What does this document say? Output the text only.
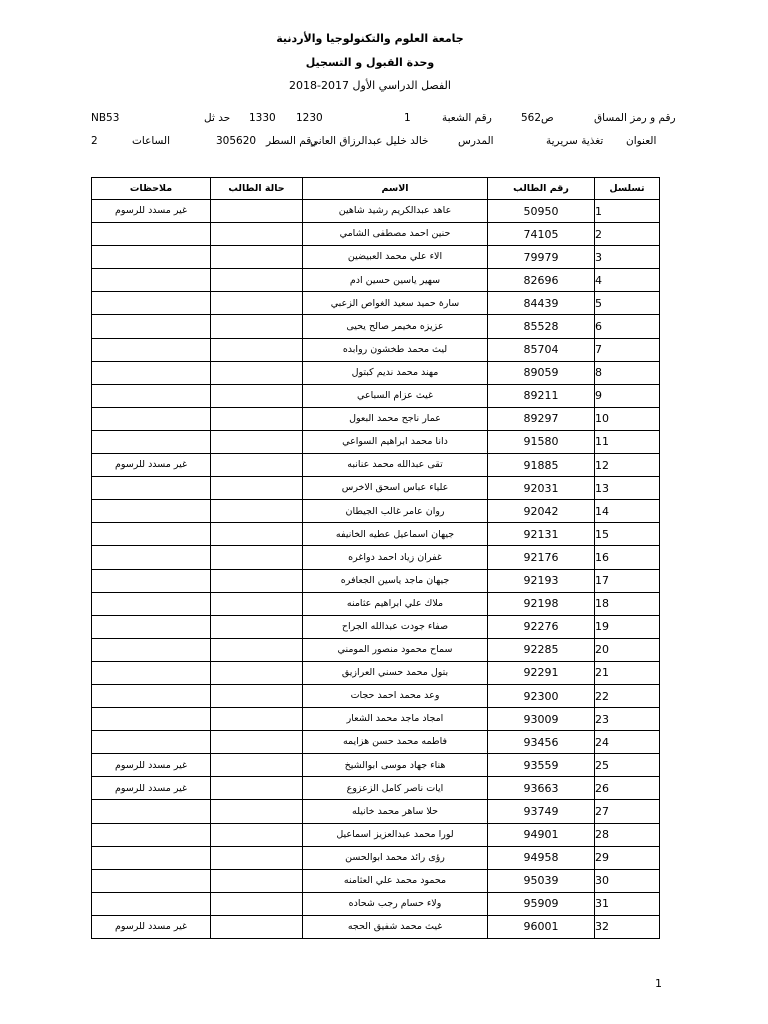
جامعة العلوم والتكنولوجيا والأردنية
وحدة القبول و التسجيل
الفصل الدراسي الأول 2017-2018
رقم و رمز المساق
ص562
رقم الشعبة
1
1230
1330
حد ثل
NB53
العنوان
تغذية سريرية
المدرس
خالد خليل عبدالرزاق العاني
رقم السطر
305620
الساعات
2
ملاحظات	حالة الطالب	الاسم	رقم الطالب	تسلسل
غير مسدد للرسوم		عاهد عبدالكريم رشيد شاهين	50950	1
		حنين احمد مصطفى الشامي	74105	2
		الاء علي محمد العبيضين	79979	3
		سهير ياسين حسين ادم	82696	4
		سارة حميد سعيد الغواص الزعبي	84439	5
		عزيزه مخيمر صالح يحيى	85528	6
		ليث محمد طخشون روابده	85704	7
		مهند محمد نديم كبتول	89059	8
		غيث عزام السباعي	89211	9
		عمار ناجح محمد البعول	89297	10
		دانا محمد ابراهيم السواعي	91580	11
غير مسدد للرسوم		تقى عبدالله محمد عنانبه	91885	12
		علياء عباس اسحق الاخرس	92031	13
		روان عامر غالب الجيطان	92042	14
		جيهان اسماعيل عطيه الخانيفه	92131	15
		غفران زياد احمد دواغره	92176	16
		جيهان ماجد ياسين الجعافره	92193	17
		ملاك علي ابراهيم عثامنه	92198	18
		صفاء جودت عبدالله الجراح	92276	19
		سماح محمود منصور المومني	92285	20
		بتول محمد حسني العرازيق	92291	21
		وعد محمد احمد حجات	92300	22
		امجاد ماجد محمد الشعار	93009	23
		فاطمه محمد حسن هزايمه	93456	24
غير مسدد للرسوم		هناء جهاد موسى ابوالشيخ	93559	25
غير مسدد للرسوم		ايات ناصر كامل الزعزوع	93663	26
		حلا ساهر محمد خانيله	93749	27
		لورا محمد عبدالعزيز اسماعيل	94901	28
		رؤى رائد محمد ابوالحسن	94958	29
		محمود محمد علي العثامنه	95039	30
		ولاء حسام رجب شحاده	95909	31
غير مسدد للرسوم		غيث محمد شفيق الحجه	96001	32
1
